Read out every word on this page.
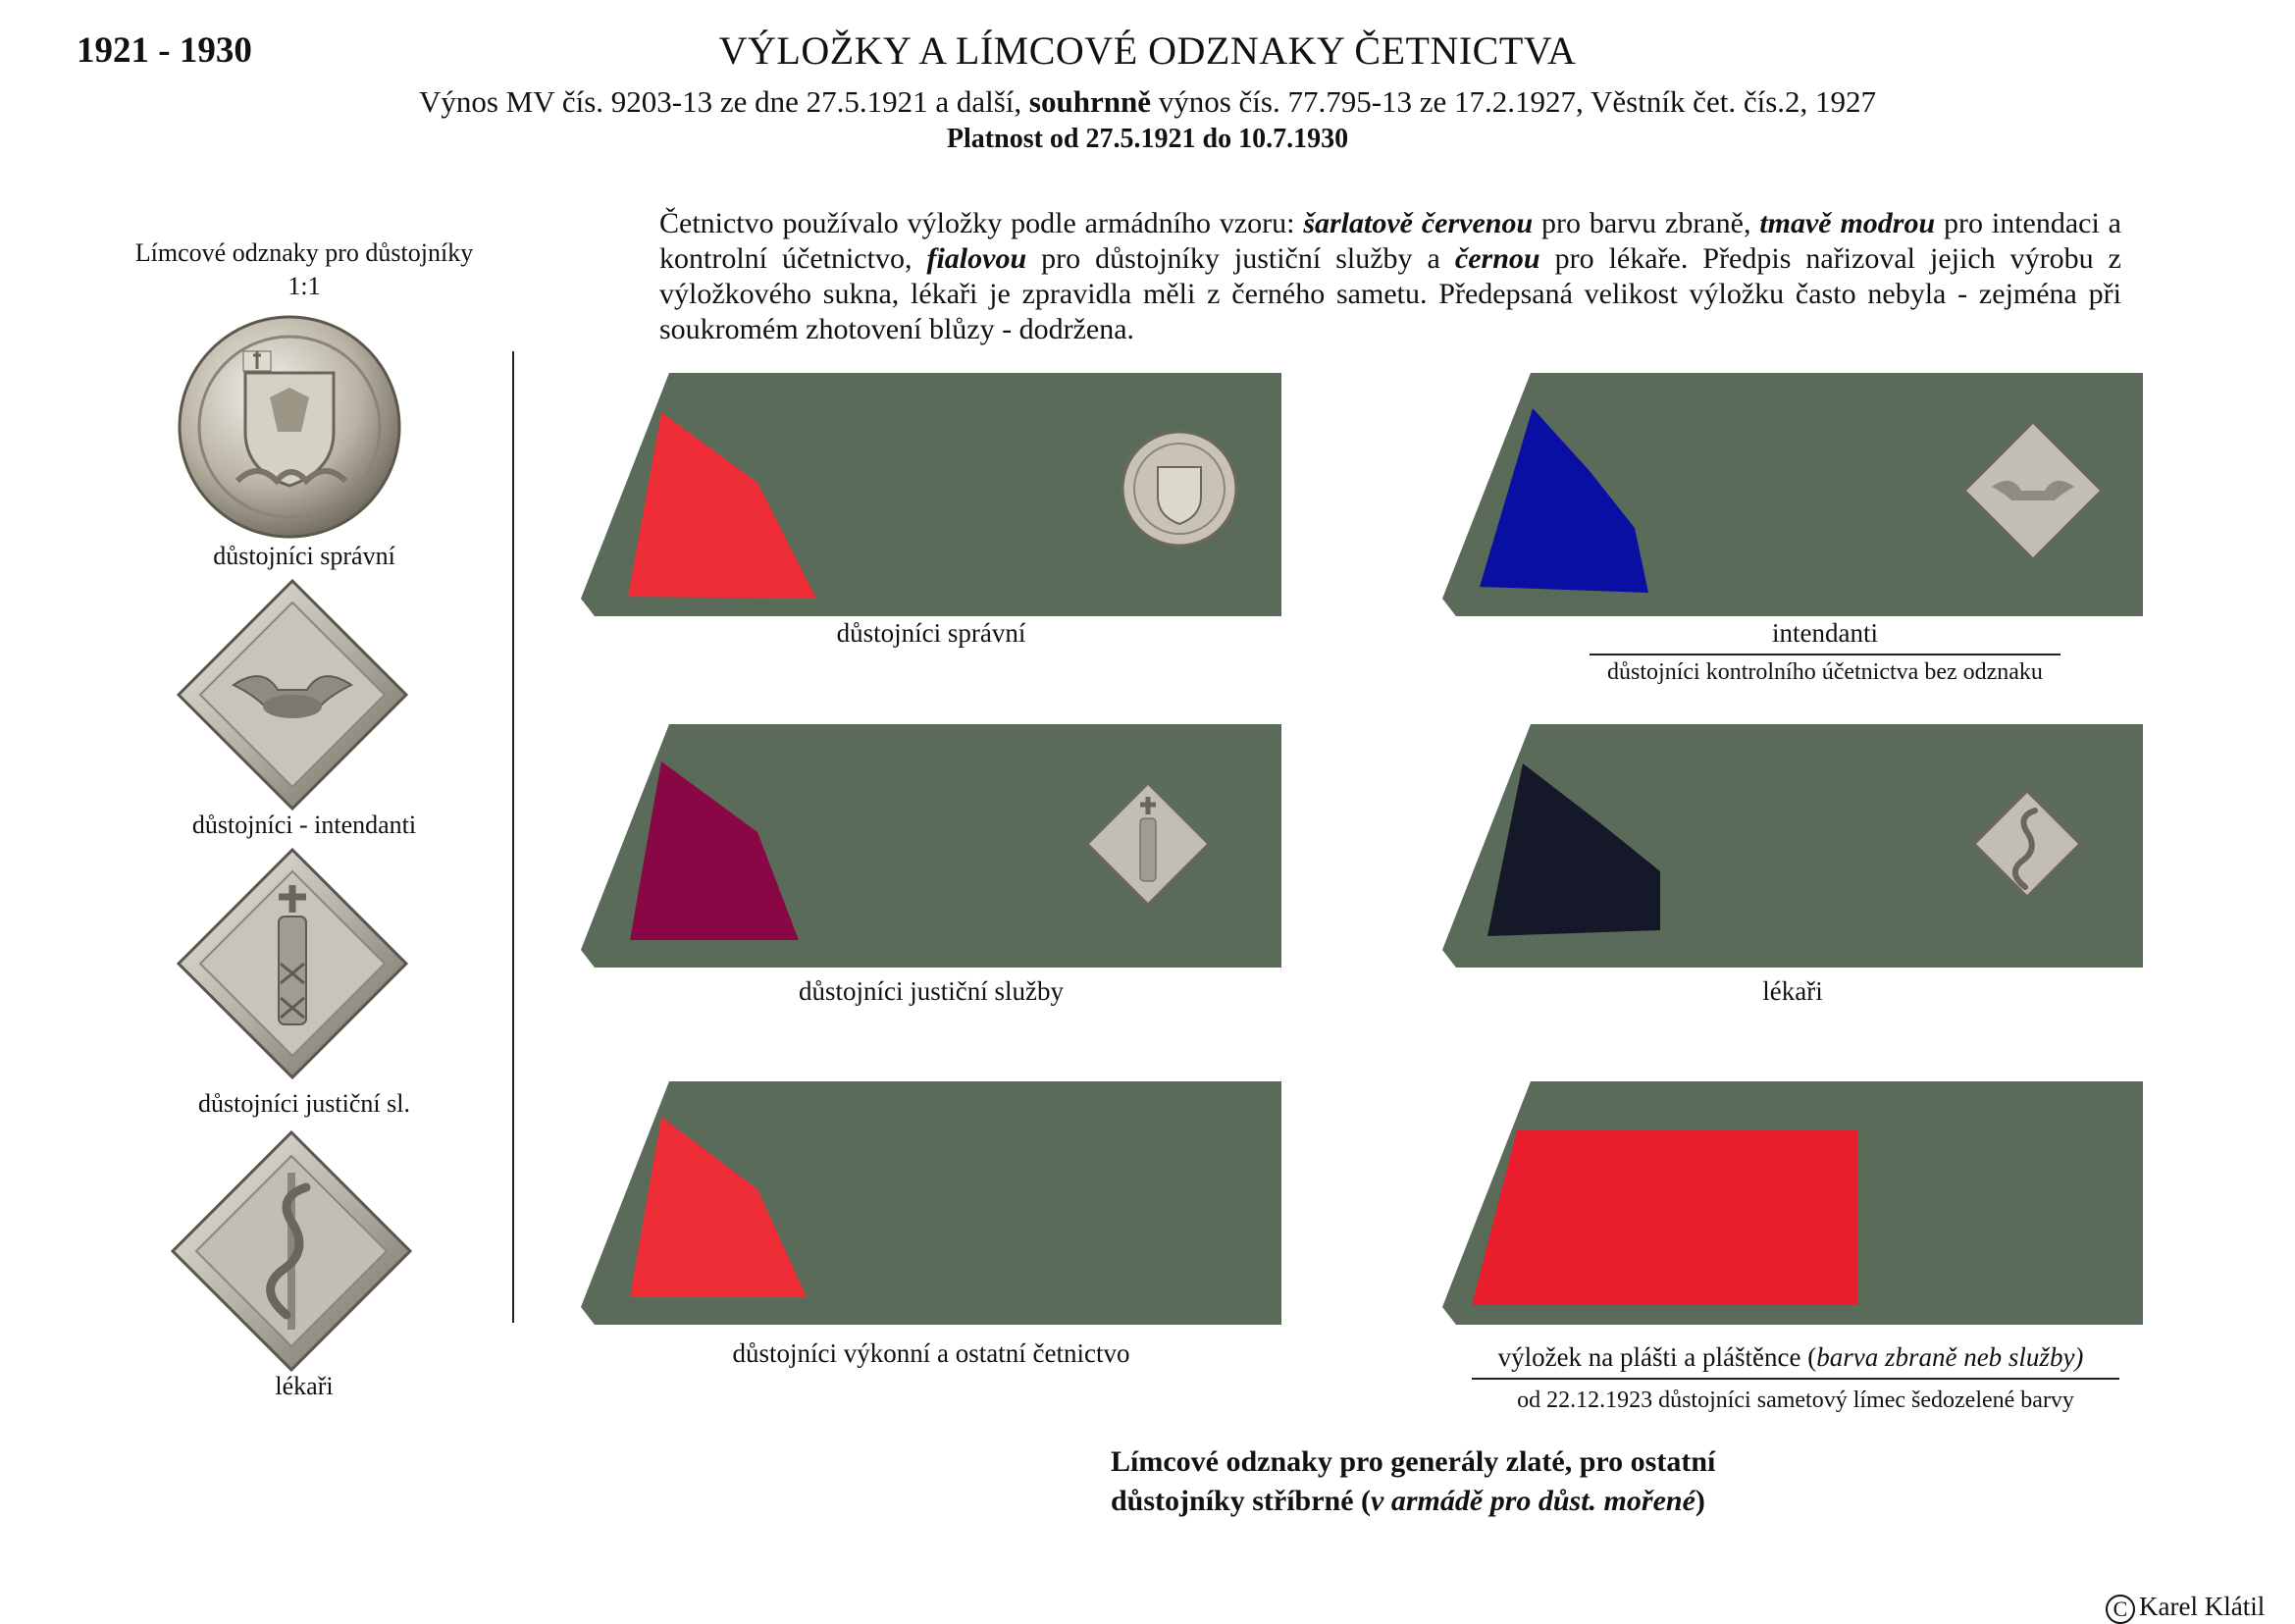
1921 - 1930	VÝLOŽKY A LÍMCOVÉ ODZNAKY ČETNICTVA
Výnos MV čís. 9203-13 ze dne 27.5.1921 a další, souhrnně výnos čís. 77.795-13 ze 17.2.1927, Věstník čet. čís.2, 1927
Platnost od 27.5.1921 do 10.7.1930
Četnictvo používalo výložky podle armádního vzoru: šarlatově červenou pro barvu zbraně, tmavě modrou pro intendaci a kontrolní účetnictvo, fialovou pro důstojníky justiční služby a černou pro lékaře. Předpis nařizoval jejich výrobu z výložkového sukna, lékaři je zpravidla měli z černého sametu. Předepsaná velikost výložku často nebyla - zejména při soukromém zhotovení blůzy - dodržena.
Límcové odznaky pro důstojníky
1:1
důstojníci správní
důstojníci - intendanti
důstojníci justiční sl.
lékaři
důstojníci správní	intendanti
důstojníci kontrolního účetnictva bez odznaku
důstojníci justiční služby	lékaři
důstojníci výkonní a ostatní četnictvo	výložek na plášti a pláštěnce (barva zbraně neb služby)
od 22.12.1923 důstojníci sametový límec šedozelené barvy
Límcové odznaky pro generály zlaté, pro ostatní
důstojníky stříbrné (v armádě pro důst. mořené)
C Karel Klátil
